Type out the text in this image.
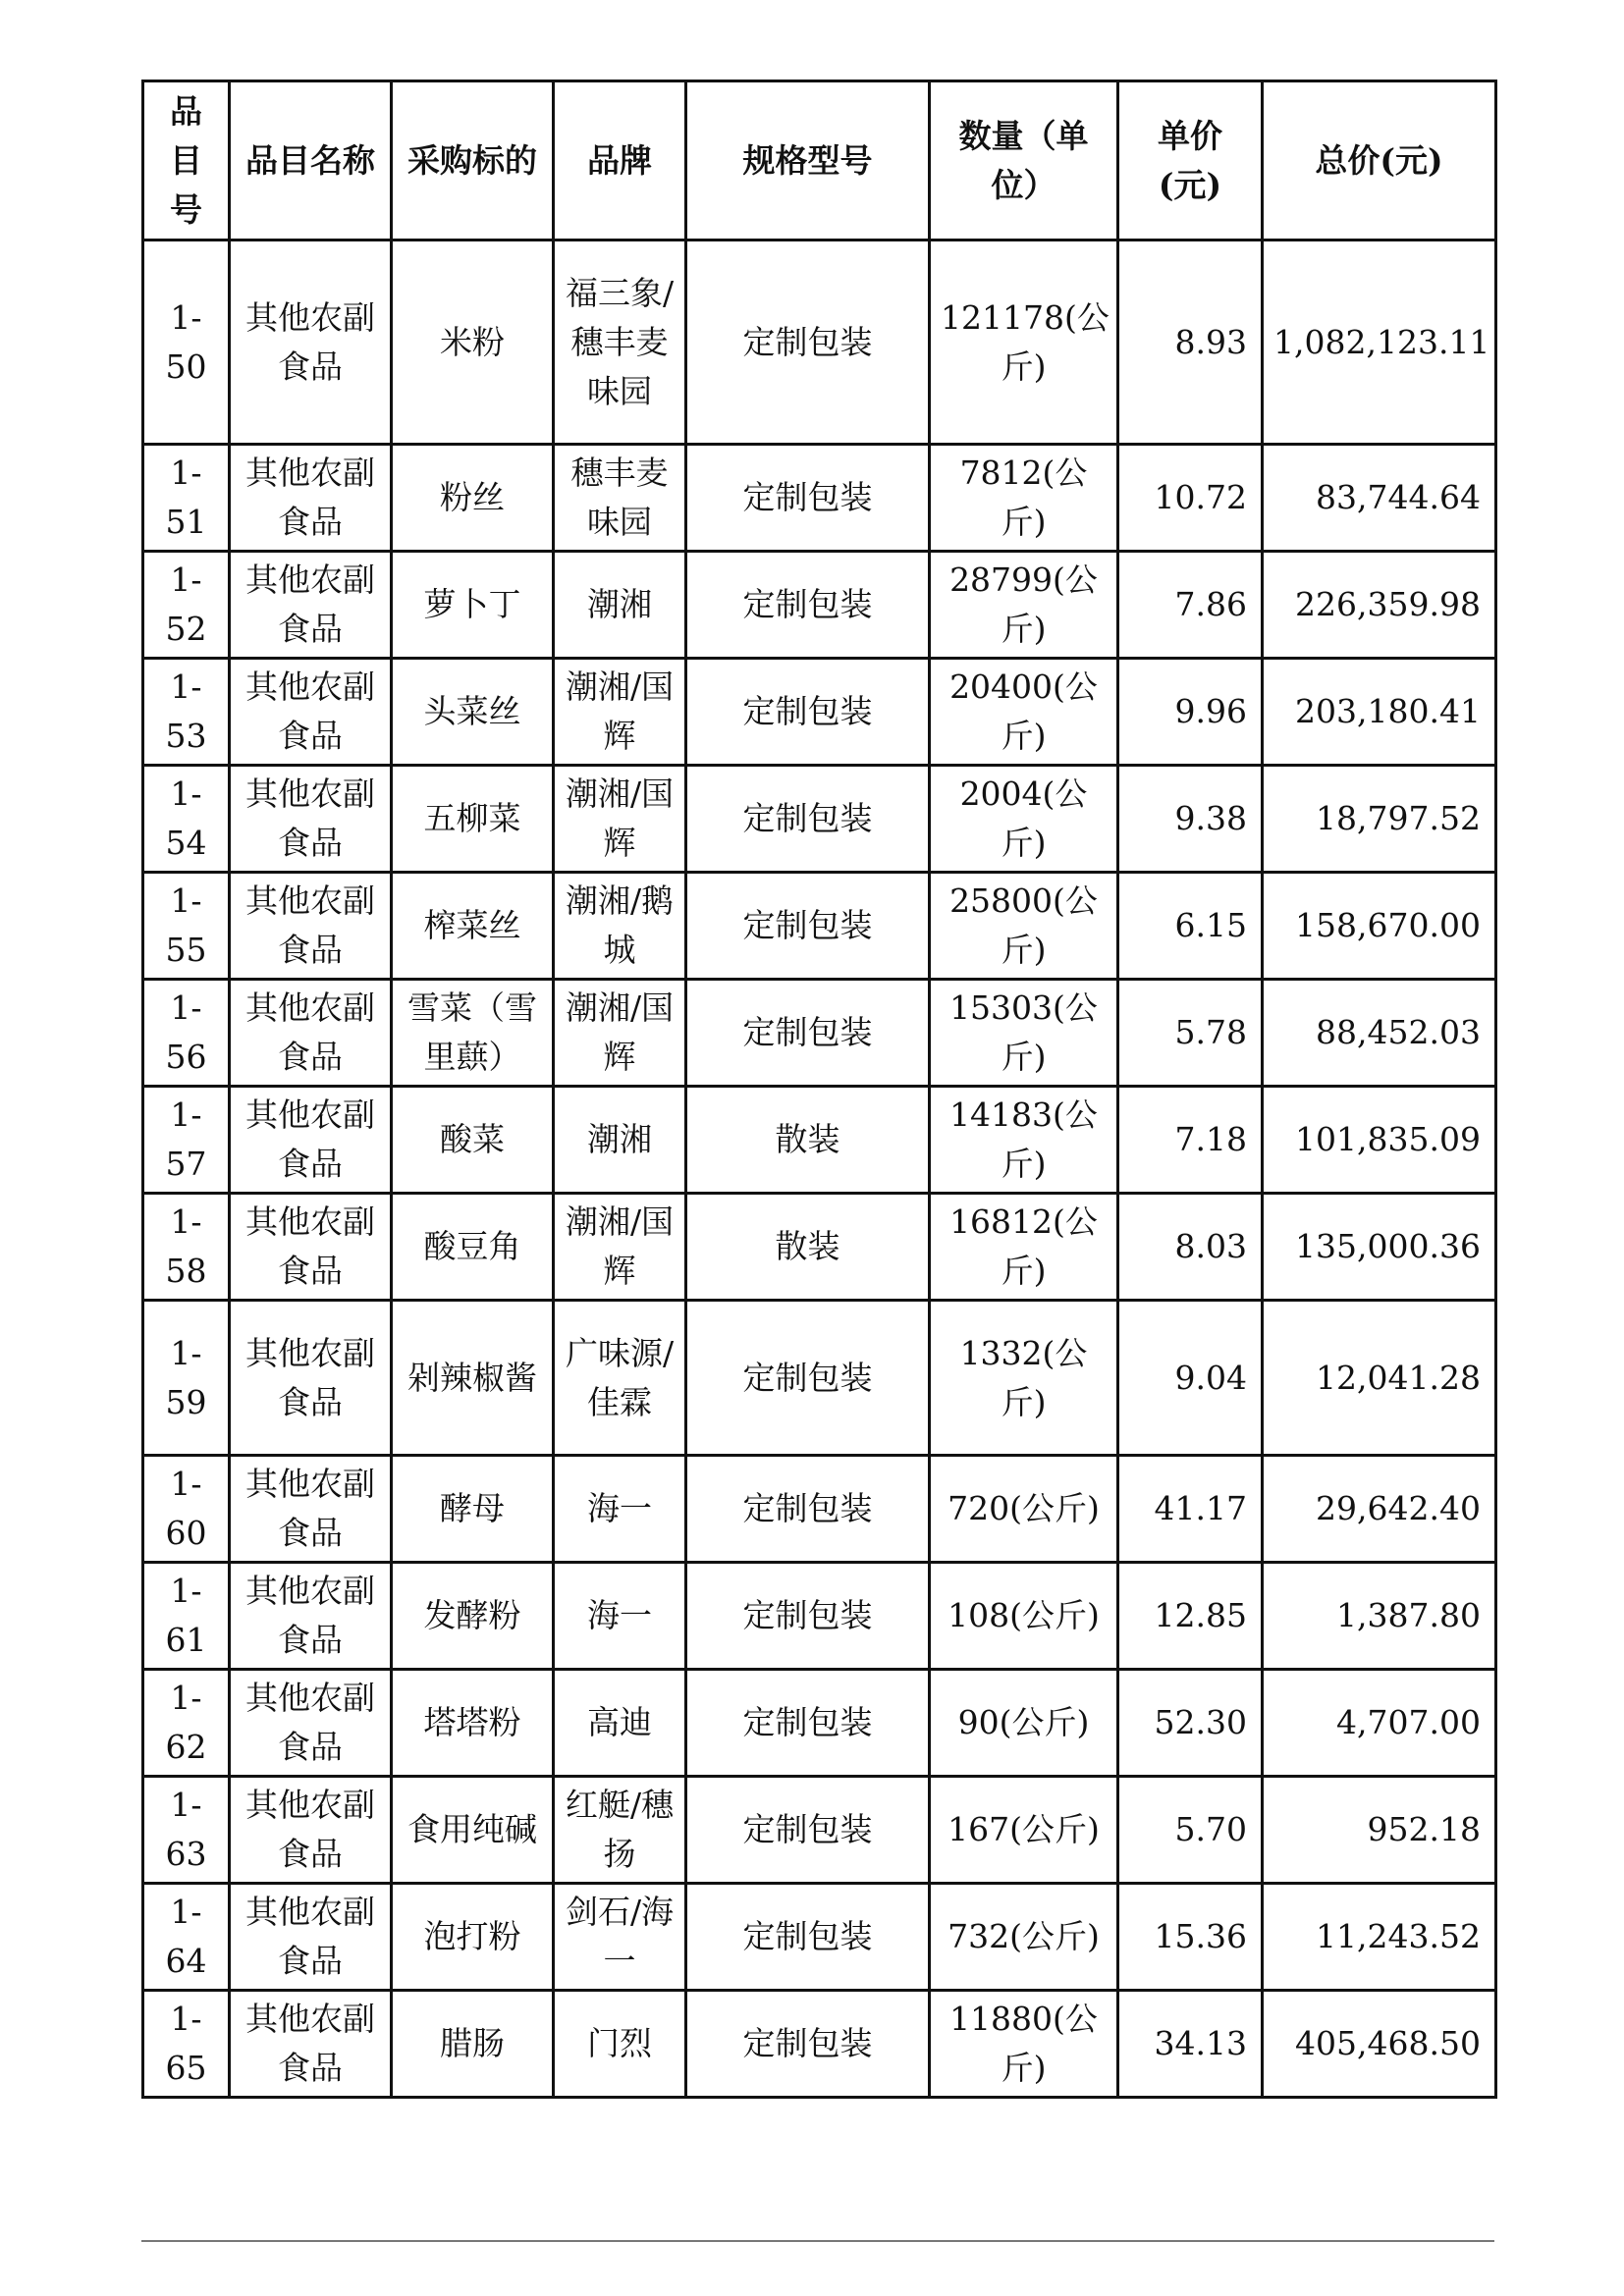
品目号	品目名称	采购标的	品牌	规格型号	数量（单位）	单价(元)	总价(元)
1-50	其他农副食品	米粉	福三象/穗丰麦味园	定制包装	121178(公斤)	8.93	1,082,123.11
1-51	其他农副食品	粉丝	穗丰麦味园	定制包装	7812(公斤)	10.72	83,744.64
1-52	其他农副食品	萝卜丁	潮湘	定制包装	28799(公斤)	7.86	226,359.98
1-53	其他农副食品	头菜丝	潮湘/国辉	定制包装	20400(公斤)	9.96	203,180.41
1-54	其他农副食品	五柳菜	潮湘/国辉	定制包装	2004(公斤)	9.38	18,797.52
1-55	其他农副食品	榨菜丝	潮湘/鹅城	定制包装	25800(公斤)	6.15	158,670.00
1-56	其他农副食品	雪菜（雪里蕻）	潮湘/国辉	定制包装	15303(公斤)	5.78	88,452.03
1-57	其他农副食品	酸菜	潮湘	散装	14183(公斤)	7.18	101,835.09
1-58	其他农副食品	酸豆角	潮湘/国辉	散装	16812(公斤)	8.03	135,000.36
1-59	其他农副食品	剁辣椒酱	广味源/佳霖	定制包装	1332(公斤)	9.04	12,041.28
1-60	其他农副食品	酵母	海一	定制包装	720(公斤)	41.17	29,642.40
1-61	其他农副食品	发酵粉	海一	定制包装	108(公斤)	12.85	1,387.80
1-62	其他农副食品	塔塔粉	高迪	定制包装	90(公斤)	52.30	4,707.00
1-63	其他农副食品	食用纯碱	红艇/穗扬	定制包装	167(公斤)	5.70	952.18
1-64	其他农副食品	泡打粉	剑石/海一	定制包装	732(公斤)	15.36	11,243.52
1-65	其他农副食品	腊肠	门烈	定制包装	11880(公斤)	34.13	405,468.50
